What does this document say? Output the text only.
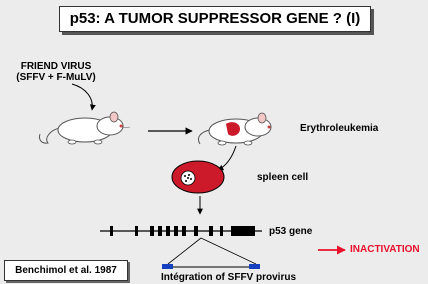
p53: A TUMOR SUPPRESSOR GENE ? (I)
FRIEND VIRUS
(SFFV + F-MuLV)
Erythroleukemia
spleen cell
p53 gene
Intégration of SFFV provirus
INACTIVATION
Benchimol et al. 1987
